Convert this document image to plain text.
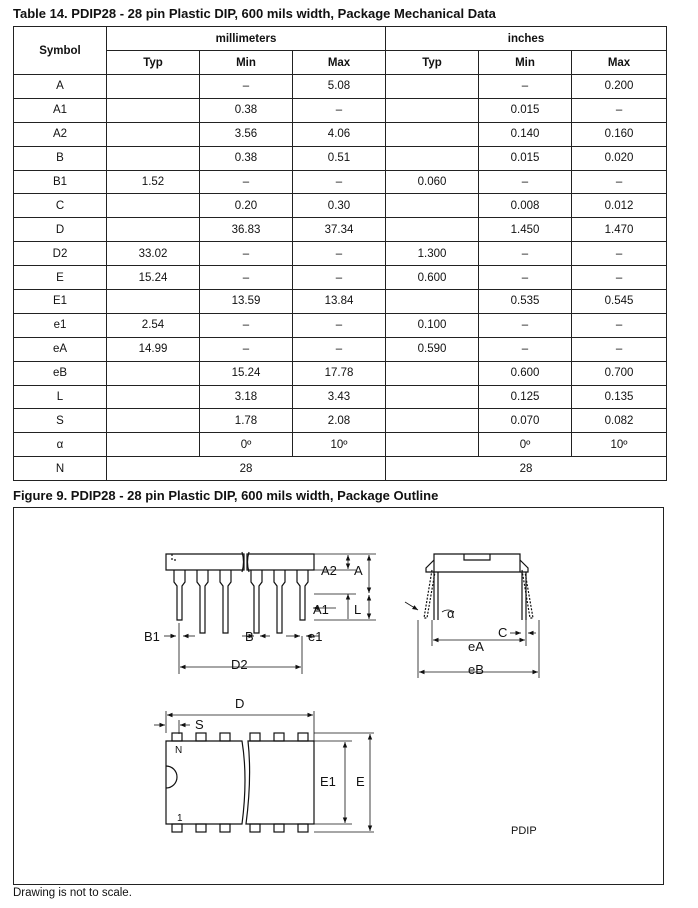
Table 14. PDIP28 - 28 pin Plastic DIP, 600 mils width, Package Mechanical Data
Symbol	millimeters			inches		
	Typ	Min	Max	Typ	Min	Max
A		–	5.08		–	0.200
A1		0.38	–		0.015	–
A2		3.56	4.06		0.140	0.160
B		0.38	0.51		0.015	0.020
B1	1.52	–	–	0.060	–	–
C		0.20	0.30		0.008	0.012
D		36.83	37.34		1.450	1.470
D2	33.02	–	–	1.300	–	–
E	15.24	–	–	0.600	–	–
E1		13.59	13.84		0.535	0.545
e1	2.54	–	–	0.100	–	–
eA	14.99	–	–	0.590	–	–
eB		15.24	17.78		0.600	0.700
L		3.18	3.43		0.125	0.135
S		1.78	2.08		0.070	0.082
α		0º	10º		0º	10º
N	28			28		
Figure 9. PDIP28 - 28 pin Plastic DIP, 600 mils width, Package Outline
A2 A
A1 L
B1	B	e1
D2
α
C
eA
eB
D
S
N
1
E1 E
PDIP
Drawing is not to scale.
